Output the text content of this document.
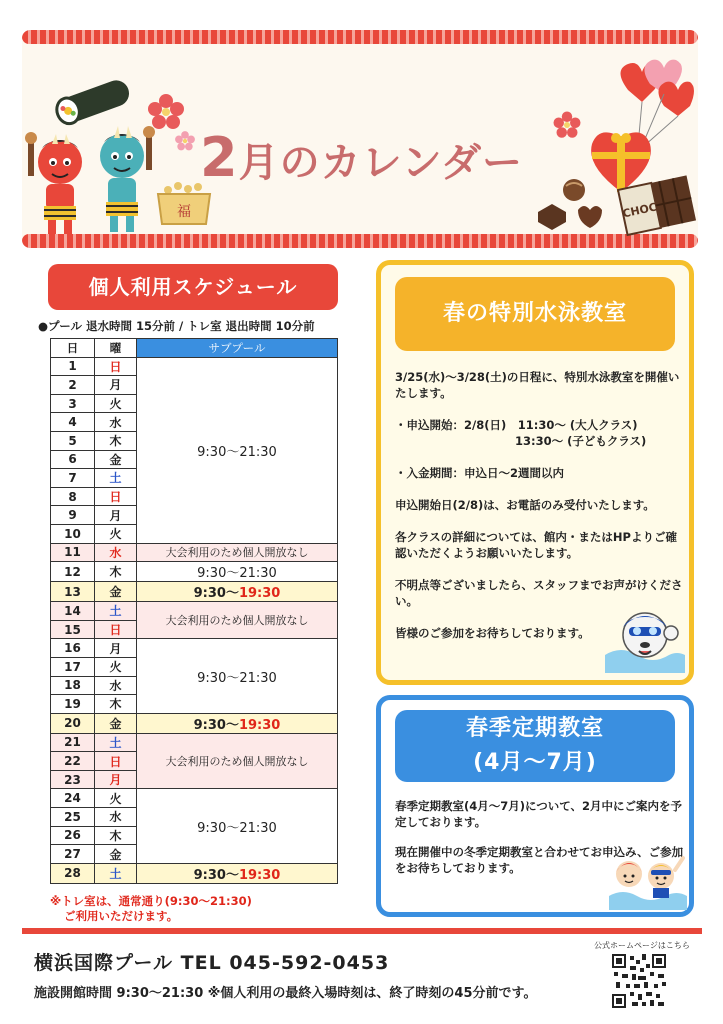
福
2月のカレンダー
CHOC
個人利用スケジュール
●プール 退水時間 15分前 / トレ室 退出時間 10分前
日	曜	サブプール
1	日	9:30〜21:30
2	月	
3	火	
4	水	
5	木	
6	金	
7	土	
8	日	
9	月	
10	火	
11	水	大会利用のため個人開放なし
12	木	9:30〜21:30
13	金	9:30〜19:30
14	土	大会利用のため個人開放なし
15	日	
16	月	9:30〜21:30
17	火	
18	水	
19	木	
20	金	9:30〜19:30
21	土	大会利用のため個人開放なし
22	日	
23	月	
24	火	9:30〜21:30
25	水	
26	木	
27	金	
28	土	9:30〜19:30
※トレ室は、通常通り(9:30〜21:30)
ご利用いただけます。
春の特別水泳教室

3/25(水)〜3/28(土)の日程に、特別水泳教室を開催いたします。

・申込開始：2/8(日)　11:30〜 (大人クラス)

13:30〜 (子どもクラス)

・入金期間：申込日〜2週間以内

申込開始日(2/8)は、お電話のみ受付いたします。

各クラスの詳細については、館内・またはHPよりご確認いただくようお願いいたします。

不明点等ございましたら、スタッフまでお声がけください。

皆様のご参加をお待ちしております。

春季定期教室
(4月〜7月)

春季定期教室(4月〜7月)について、2月中にご案内を予定しております。

現在開催中の冬季定期教室と合わせてお申込み、ご参加をお待ちしております。

横浜国際プール TEL 045-592-0453
施設開館時間 9:30〜21:30 ※個人利用の最終入場時刻は、終了時刻の45分前です。
公式ホームページはこちら
